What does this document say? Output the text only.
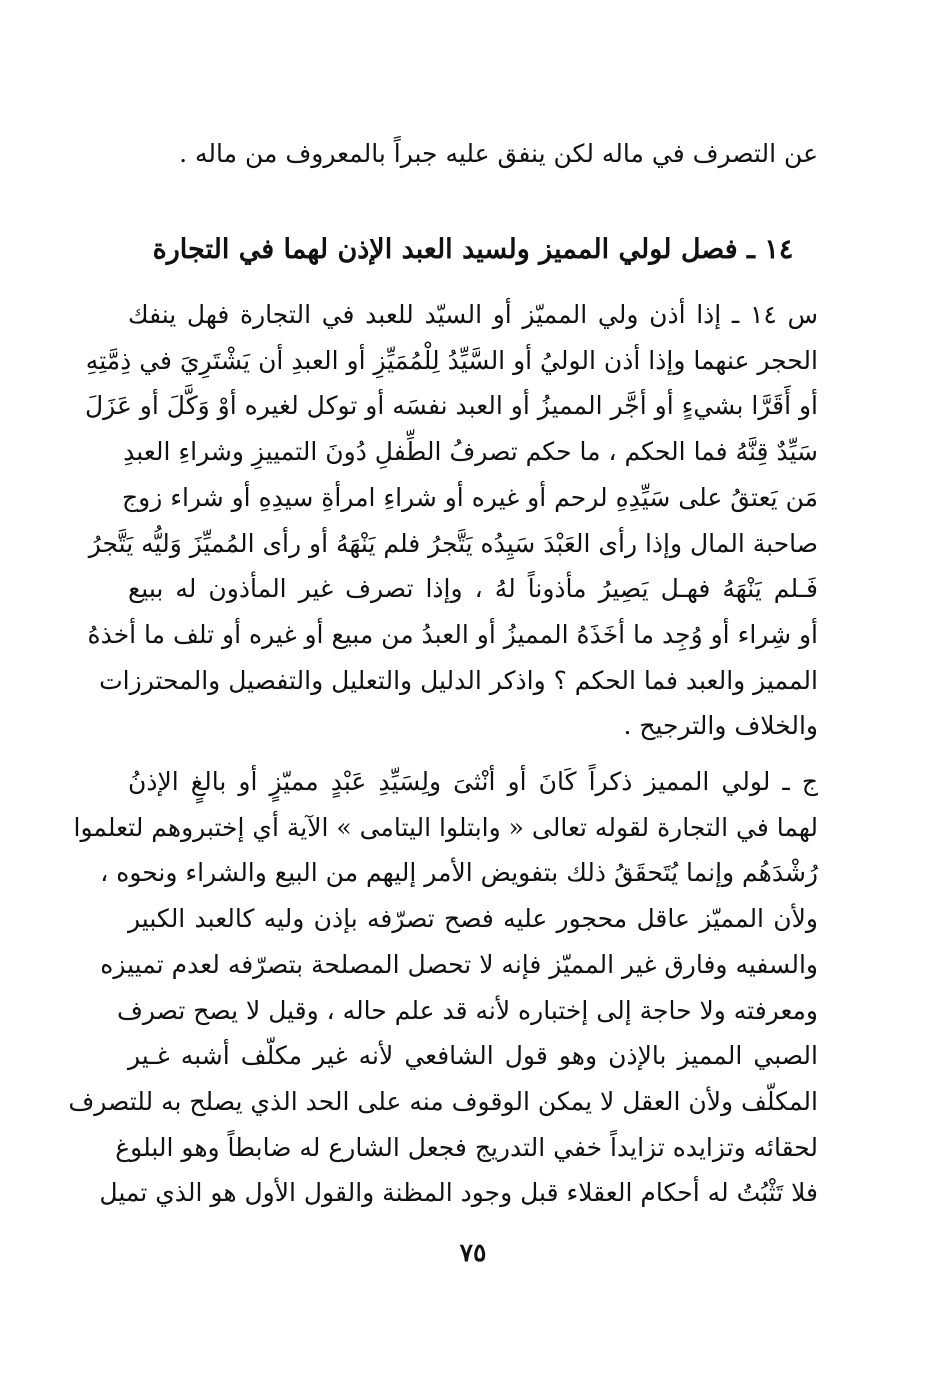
عن التصرف في ماله لكن ينفق عليه جبراً بالمعروف من ماله .
١٤ ـ فصل لولي المميز ولسيد العبد الإذن لهما في التجارة
س ١٤ ـ إذا أذن ولي المميّز أو السيّد للعبد في التجارة فهل ينفك
الحجر عنهما وإذا أذن الوليُ أو السَّيِّدُ لِلْمُمَيِّزِ أو العبدِ أن يَشْتَرِيَ في ذِمَّتِهِ
أو أَقَرَّا بشيءٍ أو أجَّر المميزُ أو العبد نفسَه أو توكل لغيره أوْ وَكَّلَ أو عَزَلَ
سَيِّدٌ قِنَّهُ فما الحكم ، ما حكم تصرفُ الطِّفلِ دُونَ التمييزِ وشراءِ العبدِ
مَن يَعتقُ على سَيِّدِهِ لرحم أو غيره أو شراءِ امرأةِ سيدِهِ أو شراء زوج
صاحبة المال وإذا رأى العَبْدَ سَيِدُه يَتَّجرُ فلم يَنْهَهُ أو رأى المُميِّزَ وَليُّه يَتَّجرُ
فَـلم يَنْهَهُ فهـل يَصِيرُ مأذوناً لهُ ، وإذا تصرف غير المأذون له ببيع
أو شِراء أو وُجِد ما أخَذَهُ المميزُ أو العبدُ من مبيع أو غيره أو تلف ما أخذهُ
المميز والعبد فما الحكم ؟ واذكر الدليل والتعليل والتفصيل والمحترزات
والخلاف والترجيح .
ج ـ لولي المميز ذكراً كَانَ أو أنْثىَ ولِسَيِّدِ عَبْدٍ مميّزٍ أو بالغٍ الإذنُ
لهما في التجارة لقوله تعالى « وابتلوا اليتامى » الآية أي إختبروهم لتعلموا
رُشْدَهُم وإنما يُتَحقَقُ ذلك بتفويض الأمر إليهم من البيع والشراء ونحوه ،
ولأن المميّز عاقل محجور عليه فصح تصرّفه بإذن وليه كالعبد الكبير
والسفيه وفارق غير المميّز فإنه لا تحصل المصلحة بتصرّفه لعدم تمييزه
ومعرفته ولا حاجة إلى إختباره لأنه قد علم حاله ، وقيل لا يصح تصرف
الصبي المميز بالإذن وهو قول الشافعي لأنه غير مكلّف أشبه غـير
المكلّف ولأن العقل لا يمكن الوقوف منه على الحد الذي يصلح به للتصرف
لحقائه وتزايده تزايداً خفي التدريج فجعل الشارع له ضابطاً وهو البلوغ
فلا تَثْبُتُ له أحكام العقلاء قبل وجود المظنة والقول الأول هو الذي تميل
٧٥
